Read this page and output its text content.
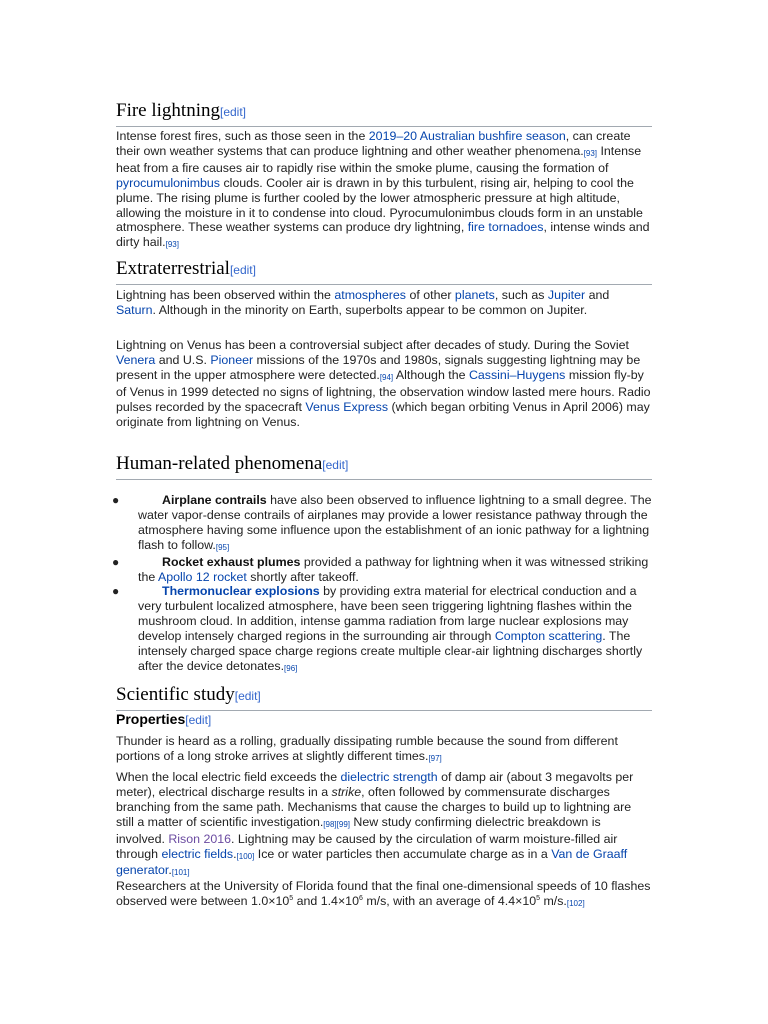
Fire lightning[edit]

Intense forest fires, such as those seen in the 2019–20 Australian bushfire season, can create their own weather systems that can produce lightning and other weather phenomena.[93] Intense heat from a fire causes air to rapidly rise within the smoke plume, causing the formation of pyrocumulonimbus clouds. Cooler air is drawn in by this turbulent, rising air, helping to cool the plume. The rising plume is further cooled by the lower atmospheric pressure at high altitude, allowing the moisture in it to condense into cloud. Pyrocumulonimbus clouds form in an unstable atmosphere. These weather systems can produce dry lightning, fire tornadoes, intense winds and dirty hail.[93]

Extraterrestrial[edit]

Lightning has been observed within the atmospheres of other planets, such as Jupiter and Saturn. Although in the minority on Earth, superbolts appear to be common on Jupiter.

Lightning on Venus has been a controversial subject after decades of study. During the Soviet Venera and U.S. Pioneer missions of the 1970s and 1980s, signals suggesting lightning may be present in the upper atmosphere were detected.[94] Although the Cassini–Huygens mission fly-by of Venus in 1999 detected no signs of lightning, the observation window lasted mere hours. Radio pulses recorded by the spacecraft Venus Express (which began orbiting Venus in April 2006) may originate from lightning on Venus.

Human-related phenomena[edit]
●	Airplane contrails have also been observed to influence lightning to a small degree. The water vapor-dense contrails of airplanes may provide a lower resistance pathway through the atmosphere having some influence upon the establishment of an ionic pathway for a lightning flash to follow.[95]
●	Rocket exhaust plumes provided a pathway for lightning when it was witnessed striking the Apollo 12 rocket shortly after takeoff.
●	Thermonuclear explosions by providing extra material for electrical conduction and a very turbulent localized atmosphere, have been seen triggering lightning flashes within the mushroom cloud. In addition, intense gamma radiation from large nuclear explosions may develop intensely charged regions in the surrounding air through Compton scattering. The intensely charged space charge regions create multiple clear-air lightning discharges shortly after the device detonates.[96]
Scientific study[edit]
Properties[edit]

Thunder is heard as a rolling, gradually dissipating rumble because the sound from different portions of a long stroke arrives at slightly different times.[97]

When the local electric field exceeds the dielectric strength of damp air (about 3 megavolts per meter), electrical discharge results in a strike, often followed by commensurate discharges branching from the same path. Mechanisms that cause the charges to build up to lightning are still a matter of scientific investigation.[98][99] New study confirming dielectric breakdown is involved. Rison 2016. Lightning may be caused by the circulation of warm moisture-filled air through electric fields.[100] Ice or water particles then accumulate charge as in a Van de Graaff generator.[101]

Researchers at the University of Florida found that the final one-dimensional speeds of 10 flashes observed were between $1.0\times 10^5$ and $1.4\times 10^6$ m/s, with an average of $4.4\times 10^5$ m/s.[102]
